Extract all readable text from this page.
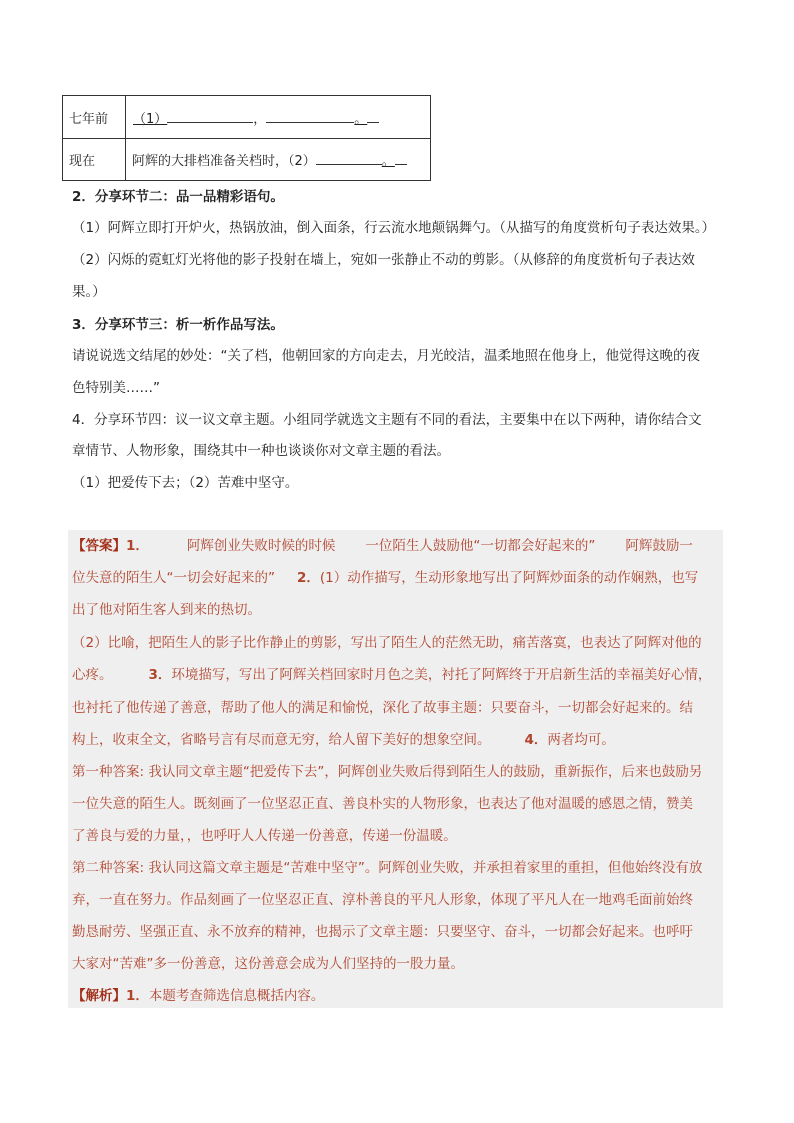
七年前	（1） ， 。
现在	阿辉的大排档准备关档时，（2） 。
2．分享环节二：品一品精彩语句。
（1）阿辉立即打开炉火，热锅放油，倒入面条，行云流水地颠锅舞勺。（从描写的角度赏析句子表达效果。）
（2）闪烁的霓虹灯光将他的影子投射在墙上，宛如一张静止不动的剪影。（从修辞的角度赏析句子表达效
果。）
3．分享环节三：析一析作品写法。
请说说选文结尾的妙处：“关了档，他朝回家的方向走去，月光皎洁，温柔地照在他身上，他觉得这晚的夜
色特别美……”
4．分享环节四：议一议文章主题。小组同学就选文主题有不同的看法，主要集中在以下两种，请你结合文
章情节、人物形象，围绕其中一种也谈谈你对文章主题的看法。
（1）把爱传下去；（2）苦难中坚守。
【答案】1．	阿辉创业失败时候的时候 一位陌生人鼓励他“一切都会好起来的” 阿辉鼓励一
位失意的陌生人“一切会好起来的” 2．(1）动作描写，生动形象地写出了阿辉炒面条的动作娴熟，也写
出了他对陌生客人到来的热切。
（2）比喻，把陌生人的影子比作静止的剪影，写出了陌生人的茫然无助，痛苦落寞，也表达了阿辉对他的
心疼。	3．环境描写，写出了阿辉关档回家时月色之美，衬托了阿辉终于开启新生活的幸福美好心情，
也衬托了他传递了善意，帮助了他人的满足和愉悦，深化了故事主题：只要奋斗，一切都会好起来的。结
构上，收束全文，省略号言有尽而意无穷，给人留下美好的想象空间。	4．两者均可。
第一种答案: 我认同文章主题“把爱传下去”，阿辉创业失败后得到陌生人的鼓励，重新振作，后来也鼓励另
一位失意的陌生人。既刻画了一位坚忍正直、善良朴实的人物形象，也表达了他对温暖的感恩之情，赞美
了善良与爱的力量，，也呼吁人人传递一份善意，传递一份温暖。
第二种答案: 我认同这篇文章主题是“苦难中坚守”。阿辉创业失败，并承担着家里的重担，但他始终没有放
弃，一直在努力。作品刻画了一位坚忍正直、淳朴善良的平凡人形象，体现了平凡人在一地鸡毛面前始终
勤恳耐劳、坚强正直、永不放弃的精神，也揭示了文章主题：只要坚守、奋斗，一切都会好起来。也呼吁
大家对“苦难”多一份善意，这份善意会成为人们坚持的一股力量。
【解析】1．本题考查筛选信息概括内容。
